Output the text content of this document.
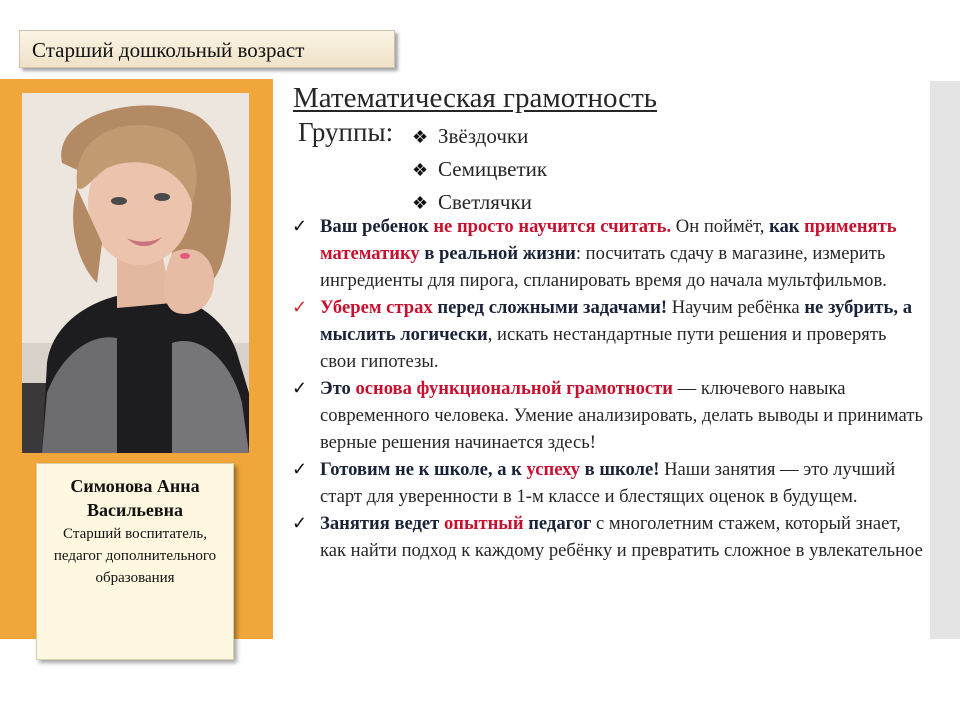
Старший дошкольный возраст
Симонова Анна Васильевна
Старший воспитатель, педагог дополнительного образования
Математическая грамотность
Группы: ❖ Звёздочки
❖ Семицветик
❖ Светлячки
✓ Ваш ребенок не просто научится считать. Он поймёт, как применять математику в реальной жизни: посчитать сдачу в магазине, измерить ингредиенты для пирога, спланировать время до начала мультфильмов.
✓ Уберем страх перед сложными задачами! Научим ребёнка не зубрить, а мыслить логически, искать нестандартные пути решения и проверять свои гипотезы.
✓ Это основа функциональной грамотности — ключевого навыка современного человека. Умение анализировать, делать выводы и принимать верные решения начинается здесь!
✓ Готовим не к школе, а к успеху в школе! Наши занятия — это лучший старт для уверенности в 1-м классе и блестящих оценок в будущем.
✓ Занятия ведет опытный педагог с многолетним стажем, который знает, как найти подход к каждому ребёнку и превратить сложное в увлекательное
